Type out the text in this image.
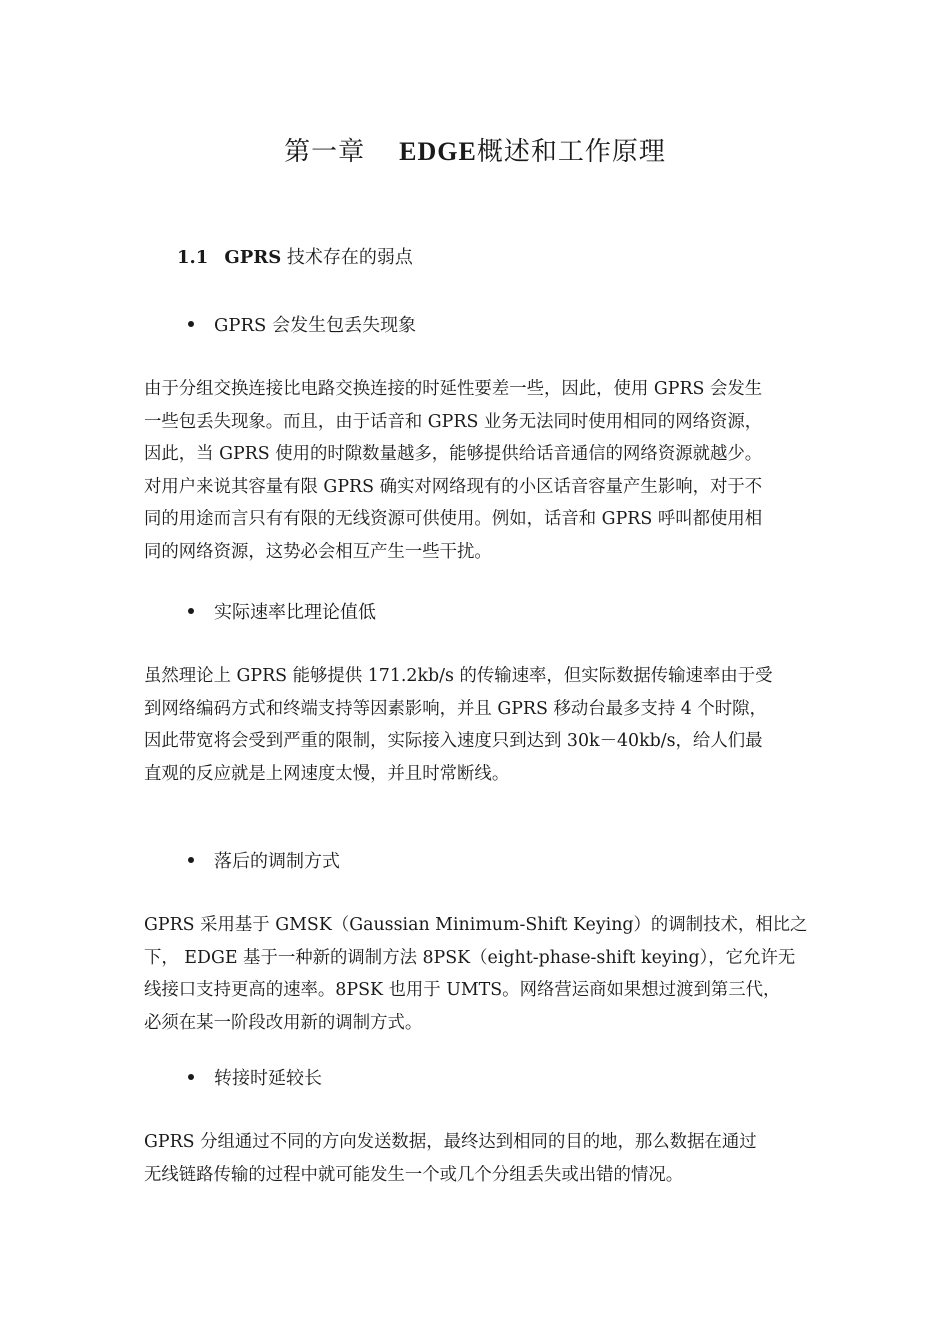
第一章 EDGE概述和工作原理
1.1 GPRS 技术存在的弱点
GPRS 会发生包丢失现象

由于分组交换连接比电路交换连接的时延性要差一些，因此，使用 GPRS 会发生

一些包丢失现象。而且，由于话音和 GPRS 业务无法同时使用相同的网络资源，

因此，当 GPRS 使用的时隙数量越多，能够提供给话音通信的网络资源就越少。

对用户来说其容量有限 GPRS 确实对网络现有的小区话音容量产生影响，对于不

同的用途而言只有有限的无线资源可供使用。例如，话音和 GPRS 呼叫都使用相

同的网络资源，这势必会相互产生一些干扰。

实际速率比理论值低

虽然理论上 GPRS 能够提供 171.2kb/s 的传输速率，但实际数据传输速率由于受

到网络编码方式和终端支持等因素影响，并且 GPRS 移动台最多支持 4 个时隙，

因此带宽将会受到严重的限制，实际接入速度只到达到 30k－40kb/s，给人们最

直观的反应就是上网速度太慢，并且时常断线。

落后的调制方式

GPRS 采用基于 GMSK（Gaussian Minimum-Shift Keying）的调制技术，相比之

下， EDGE 基于一种新的调制方法 8PSK（eight-phase-shift keying），它允许无

线接口支持更高的速率。8PSK 也用于 UMTS。网络营运商如果想过渡到第三代，

必须在某一阶段改用新的调制方式。

转接时延较长

GPRS 分组通过不同的方向发送数据，最终达到相同的目的地，那么数据在通过

无线链路传输的过程中就可能发生一个或几个分组丢失或出错的情况。
